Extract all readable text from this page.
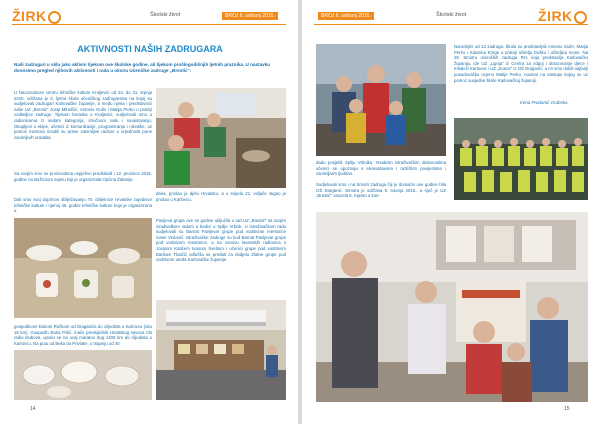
ŽIRK	Školski život	BROJ 6. svibanj 2016.
AKTIVNOSTI NAŠIH ZADRUGARA
Naši zadrugari u sklu jako aktivni tijekom ove školske godine, ali tijekom prošlogodišnjih ljetnih praznika. U nastavku donosimo pregled njihovih aktivnosti i rada u okviru Učeničke zadruge „Brestić".
U Nacionalnom centru tehničke kulture Kraljevici od 24. do 31. srpnja 2015. održana je 3. ljetna škola učeničkog zadrugarstva na kojoj su sudjelovali zadrugari Karlovačke županije, a među njima i predstavnici naše UZ „Brestić" Josip Mihelčić, Antonio Gulin i Matija Perko u pratnji voditeljice zadruge. Tijekom boravka u Kraljevici, sudjelovali smo u radionicama iz sedam kategorija, stručnom radu i savjetovanju. Okupljeni u ekipe, učenici iz komunikacije, programiranja i robotike, uz pomoć mentora izradili su prave zanimljive radove u vrijednosti pune zanimljivih uradaka.
Sa svojim smo se proizvodima uspješno predstavili i 12. prosinca 2015. godine na Božićnom sajmu koji je organizirala Općina Žakanje.
Dali smo svoj doprinos obilježavanju 70. obljetnice Hrvatske zajednice tehničke kulture i njenoj 45. godini tehničke kulture koja je organizirana u
dana, prošao je djelu Hrvatsku, a u srijedu 21. veljače stigao je prošao u Karlovcu.
Pavljeva grupa ove se godine uključila u rad UZ „Brestić" sa svojim izradivalkom radom u bedici u Spilje Vrbnik. U istraživačkom radu sudjelovali su Barnat Pavljevar grupe pod vodstvom mentorice Ivane Vedović. Istraživačke zadruge su kod Barnat Pavljevar grupe pod vodstvom mentorice, a na osnovu lavenskih radionica s Josipom Katićem Ivanom Svetlom i učenici grupe pod vodstvom Barbare Tkalčić odlučila se predati za dodjelu Zlatne grupe pod vodstvom ureda Karlovačke županije.
gospodinom Đukom Ročkom od Draganića do ciljedista u Karlovcu (oko 15 km). Gospodin Đuka Polić, inače predsjednik Hrvatskog saveza CB radio klubova, uputio se na ovaj maraton dug 1400 km do ciljedista u Karlovcu. Na putu od Beka do Privlake, u trajanju od 40
14
BROJ 6. svibanj 2016.	Školski život	ŽIRK
Narodnjini od 13 zadruga. Školu su predstavljali Antonio Gulin, Matija Perko i Katarina Krege u pratnji učitelja Dušku i učiteljicu Ivone. Na 28. Smotru učeničkih zadruga RH, koja predstavlja Karlovačku županiju, ide UZ „Lignja" iz Centra za odgoj i obrazovanje djece i mladeži Karlovac i UZ „Sunce" iz OŠ Draganić, a mi smo dobili najbolji posudovačku ocjenu Matije Perko, novinar na nastupu kojeg se uz pomoć susjedne škole Karlovačkoj županiji.
Irena Prodanić Orabska
dadu posjetili Spilju Vrbniku. Ovakvim istraživačkim aktivnostima učenici se upoznaju s ekosustavima i različitim povijestima i zanimljivim ljudima.
Sudjelovali smo i na Smotri zadruga čiji je domaćin ove godine bila OŠ Draganić. Smotra je održana 8. travnja 2016., a riječ je UZ „Brestić" zauzela 5. mjesto u kon-
15
